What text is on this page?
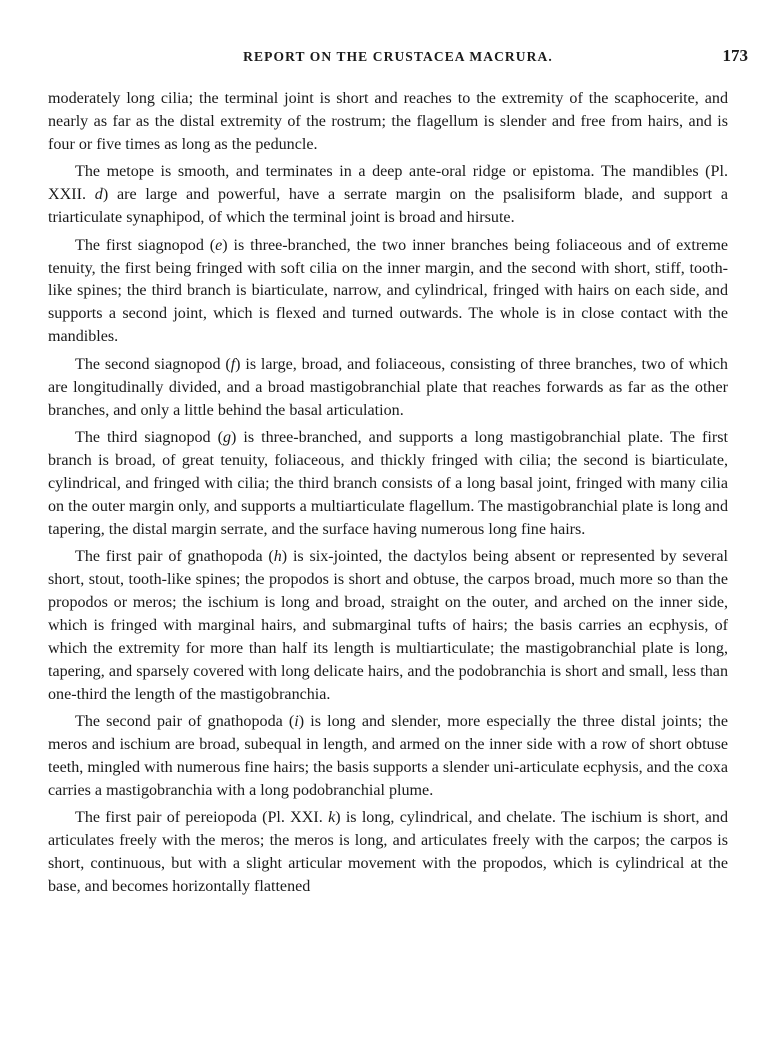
REPORT ON THE CRUSTACEA MACRURA.	173

moderately long cilia; the terminal joint is short and reaches to the extremity of the scaphocerite, and nearly as far as the distal extremity of the rostrum; the flagellum is slender and free from hairs, and is four or five times as long as the peduncle.

The metope is smooth, and terminates in a deep ante-oral ridge or epistoma. The mandibles (Pl. XXII. d) are large and powerful, have a serrate margin on the psalisiform blade, and support a triarticulate synaphipod, of which the terminal joint is broad and hirsute.

The first siagnopod (e) is three-branched, the two inner branches being foliaceous and of extreme tenuity, the first being fringed with soft cilia on the inner margin, and the second with short, stiff, tooth-like spines; the third branch is biarticulate, narrow, and cylindrical, fringed with hairs on each side, and supports a second joint, which is flexed and turned outwards. The whole is in close contact with the mandibles.

The second siagnopod (f) is large, broad, and foliaceous, consisting of three branches, two of which are longitudinally divided, and a broad mastigobranchial plate that reaches forwards as far as the other branches, and only a little behind the basal articulation.

The third siagnopod (g) is three-branched, and supports a long mastigobranchial plate. The first branch is broad, of great tenuity, foliaceous, and thickly fringed with cilia; the second is biarticulate, cylindrical, and fringed with cilia; the third branch consists of a long basal joint, fringed with many cilia on the outer margin only, and supports a multiarticulate flagellum. The mastigobranchial plate is long and tapering, the distal margin serrate, and the surface having numerous long fine hairs.

The first pair of gnathopoda (h) is six-jointed, the dactylos being absent or represented by several short, stout, tooth-like spines; the propodos is short and obtuse, the carpos broad, much more so than the propodos or meros; the ischium is long and broad, straight on the outer, and arched on the inner side, which is fringed with marginal hairs, and submarginal tufts of hairs; the basis carries an ecphysis, of which the extremity for more than half its length is multiarticulate; the mastigobranchial plate is long, tapering, and sparsely covered with long delicate hairs, and the podobranchia is short and small, less than one-third the length of the mastigobranchia.

The second pair of gnathopoda (i) is long and slender, more especially the three distal joints; the meros and ischium are broad, subequal in length, and armed on the inner side with a row of short obtuse teeth, mingled with numerous fine hairs; the basis supports a slender uni-articulate ecphysis, and the coxa carries a mastigobranchia with a long podobranchial plume.

The first pair of pereiopoda (Pl. XXI. k) is long, cylindrical, and chelate. The ischium is short, and articulates freely with the meros; the meros is long, and articulates freely with the carpos; the carpos is short, continuous, but with a slight articular movement with the propodos, which is cylindrical at the base, and becomes horizontally flattened
